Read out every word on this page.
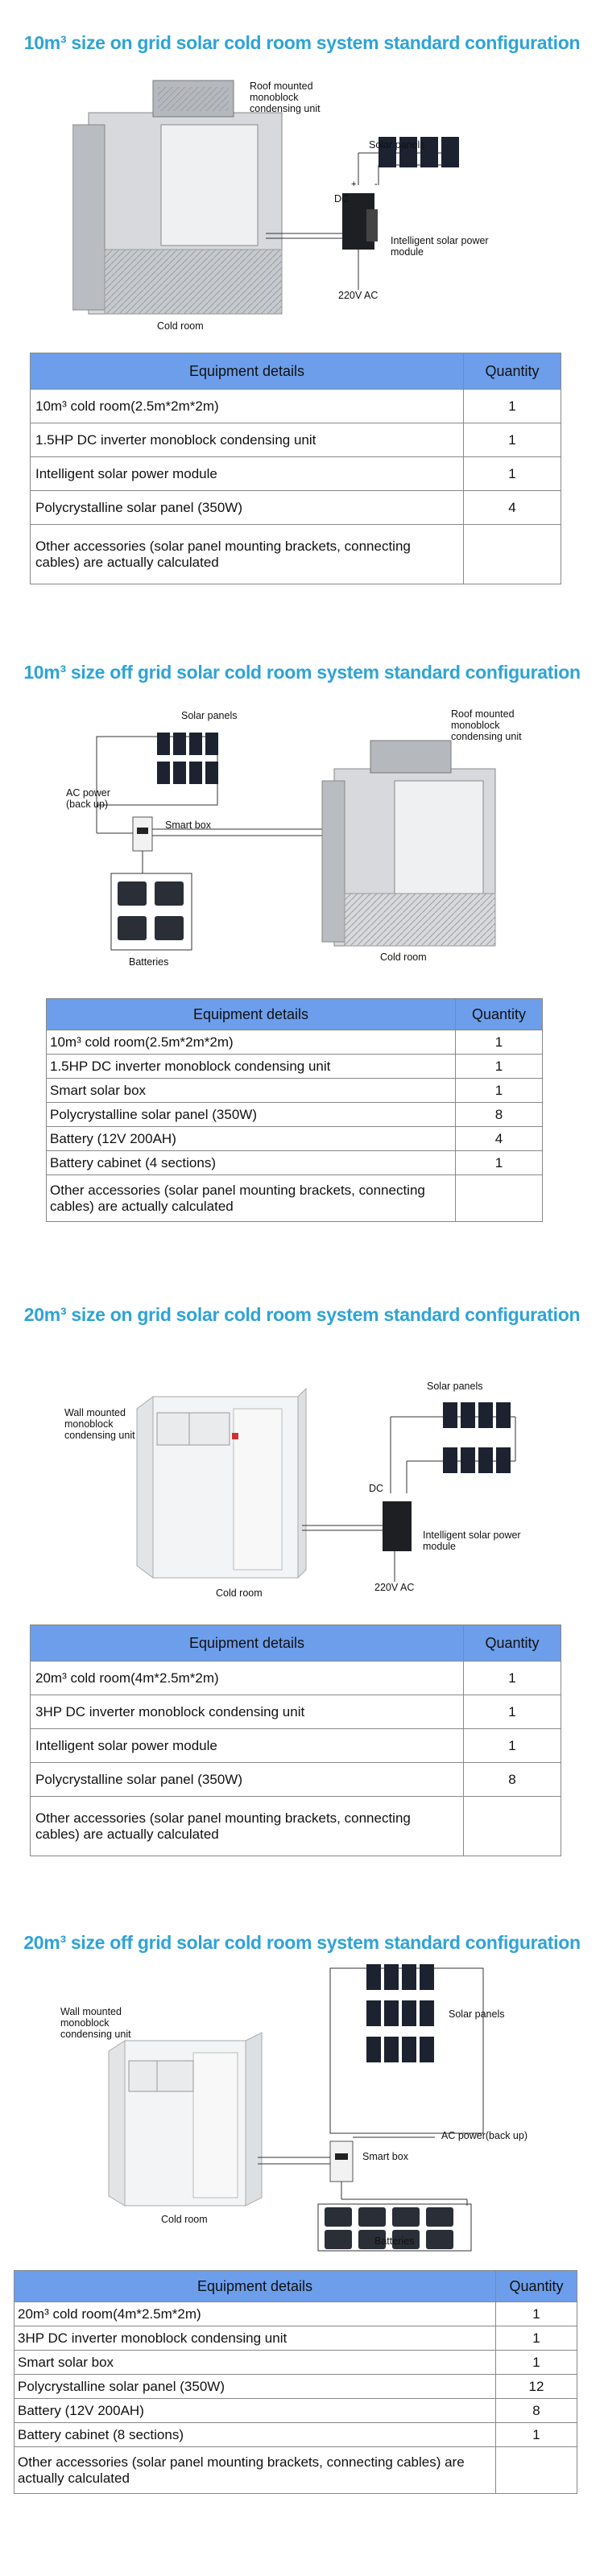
10m³ size on grid solar cold room system standard configuration
+ -
Roof mounted
monoblock
condensing unit
Solar panels
DC
Intelligent solar power
module
220V AC
Cold room
Equipment details	Quantity
10m³ cold room(2.5m*2m*2m)	1
1.5HP DC inverter monoblock condensing unit	1
Intelligent solar power module	1
Polycrystalline solar panel (350W)	4
Other accessories (solar panel mounting brackets, connecting cables) are actually calculated	
10m³ size off grid solar cold room system standard configuration
Solar panels	Roof mounted
monoblock
condensing unit
AC power
(back up)
Smart box
Batteries	Cold room
Equipment details	Quantity
10m³ cold room(2.5m*2m*2m)	1
1.5HP DC inverter monoblock condensing unit	1
Smart solar box	1
Polycrystalline solar panel (350W)	8
Battery (12V 200AH)	4
Battery cabinet (4 sections)	1
Other accessories (solar panel mounting brackets, connecting cables) are actually calculated	
20m³ size on grid solar cold room system standard configuration
Wall mounted
monoblock
condensing unit
Solar panels
DC
Intelligent solar power
module
220V AC
Cold room
Equipment details	Quantity
20m³ cold room(4m*2.5m*2m)	1
3HP DC inverter monoblock condensing unit	1
Intelligent solar power module	1
Polycrystalline solar panel (350W)	8
Other accessories (solar panel mounting brackets, connecting cables) are actually calculated	
20m³ size off grid solar cold room system standard configuration
Wall mounted
monoblock
condensing unit
Solar panels
AC power(back up)
Smart box
Batteries
Cold room
Equipment details	Quantity
20m³ cold room(4m*2.5m*2m)	1
3HP DC inverter monoblock condensing unit	1
Smart solar box	1
Polycrystalline solar panel (350W)	12
Battery (12V 200AH)	8
Battery cabinet (8 sections)	1
Other accessories (solar panel mounting brackets, connecting cables) are actually calculated	
